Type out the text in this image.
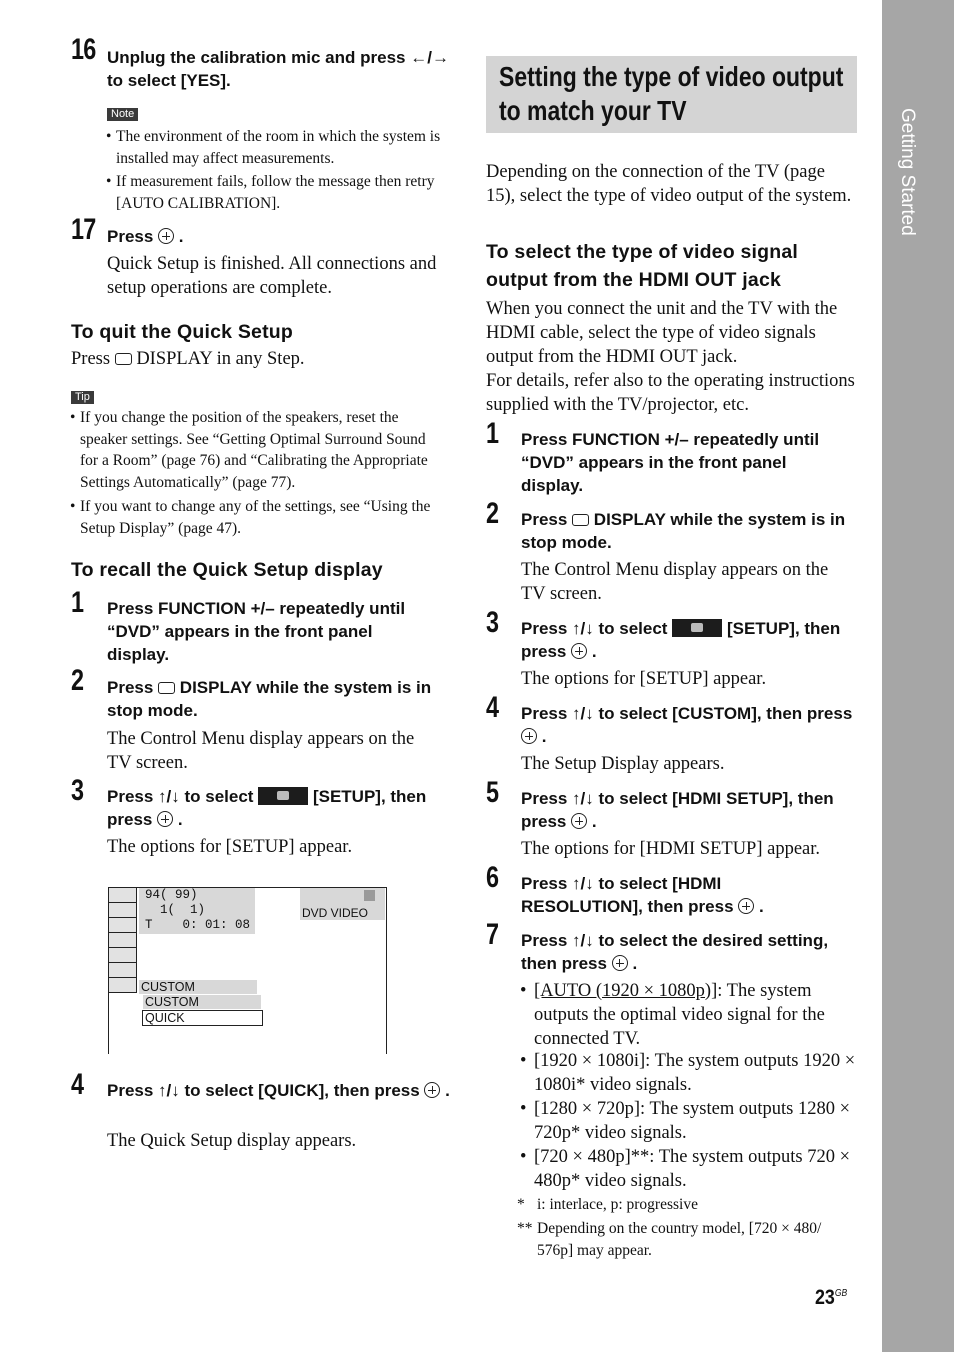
16 Unplug the calibration mic and press ←/→ to select [YES].
Note
• The environment of the room in which the system is installed may affect measurements.
• If measurement fails, follow the message then retry [AUTO CALIBRATION].
17 Press  .
Quick Setup is finished. All connections and setup operations are complete.
To quit the Quick Setup
Press DISPLAY in any Step.
Tip
• If you change the position of the speakers, reset the speaker settings. See “Getting Optimal Surround Sound for a Room” (page 76) and “Calibrating the Appropriate Settings Automatically” (page 77).
• If you want to change any of the settings, see “Using the Setup Display” (page 47).
To recall the Quick Setup display
1 Press FUNCTION +/– repeatedly until “DVD” appears in the front panel display.
2 Press DISPLAY while the system is in stop mode.
The Control Menu display appears on the TV screen.
3 Press ↑/↓ to select	[SETUP], then press  .
The options for [SETUP] appear.
94( 99)
1(  1)
T    0: 01: 08
DVD VIDEO
CUSTOM
CUSTOM
QUICK
4 Press ↑/↓ to select [QUICK], then press  .
The Quick Setup display appears.
Setting the type of video output to match your TV
Depending on the connection of the TV (page 15), select the type of video output of the system.
To select the type of video signal output from the HDMI OUT jack
When you connect the unit and the TV with the HDMI cable, select the type of video signals output from the HDMI OUT jack.
For details, refer also to the operating instructions supplied with the TV/projector, etc.
1 Press FUNCTION +/– repeatedly until “DVD” appears in the front panel display.
2 Press DISPLAY while the system is in stop mode.
The Control Menu display appears on the TV screen.
3 Press ↑/↓ to select	[SETUP], then press  .
The options for [SETUP] appear.
4 Press ↑/↓ to select [CUSTOM], then press  .
The Setup Display appears.
5 Press ↑/↓ to select [HDMI SETUP], then press  .
The options for [HDMI SETUP] appear.
6 Press ↑/↓ to select [HDMI RESOLUTION], then press  .
7 Press ↑/↓ to select the desired setting, then press  .
• [AUTO (1920 × 1080p)]: The system outputs the optimal video signal for the connected TV.
• [1920 × 1080i]: The system outputs 1920 × 1080i* video signals.
• [1280 × 720p]: The system outputs 1280 × 720p* video signals.
• [720 × 480p]**: The system outputs 720 × 480p* video signals.
* i: interlace, p: progressive
** Depending on the country model, [720 × 480/ 576p] may appear.
$23^{GB}$
